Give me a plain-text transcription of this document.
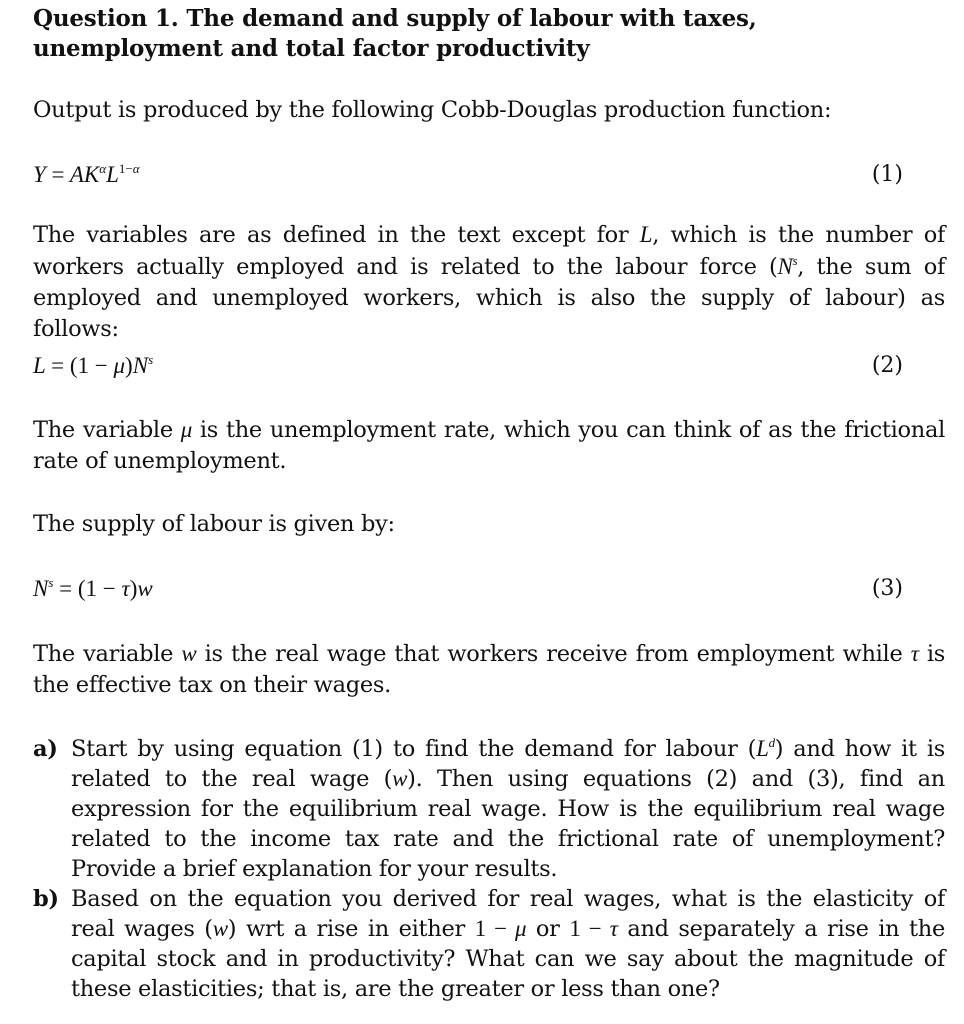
Question 1. The demand and supply of labour with taxes, unemployment and total factor productivity
Output is produced by the following Cobb-Douglas production function:
$Y = AK^\alpha L^{1-\alpha}$	(1)
The variables are as defined in the text except for L, which is the number of workers actually employed and is related to the labour force ($N^s$, the sum of employed and unemployed workers, which is also the supply of labour) as follows:
$L = (1 - \mu)N^s$	(2)
The variable μ is the unemployment rate, which you can think of as the frictional rate of unemployment.
The supply of labour is given by:
$N^s = (1 - \tau)w$	(3)
The variable w is the real wage that workers receive from employment while τ is the effective tax on their wages.
a) Start by using equation (1) to find the demand for labour $(L^d)$ and how it is related to the real wage (w). Then using equations (2) and (3), find an expression for the equilibrium real wage. How is the equilibrium real wage related to the income tax rate and the frictional rate of unemployment? Provide a brief explanation for your results.
b) Based on the equation you derived for real wages, what is the elasticity of real wages (w) wrt a rise in either 1 − μ or 1 − τ and separately a rise in the capital stock and in productivity? What can we say about the magnitude of these elasticities; that is, are the greater or less than one?
